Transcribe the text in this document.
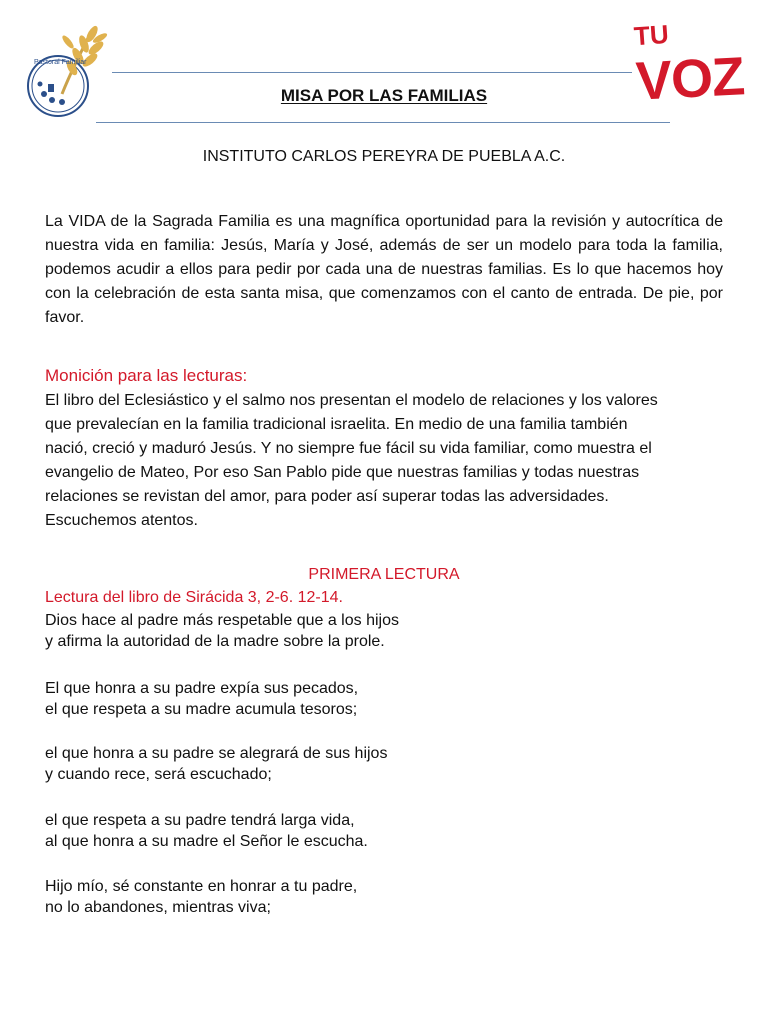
Pastoral Familiar
TU
VOZ
MISA POR LAS FAMILIAS
INSTITUTO CARLOS PEREYRA DE PUEBLA A.C.
La VIDA de la Sagrada Familia es una magnífica oportunidad para la revisión y autocrítica de nuestra vida en familia: Jesús, María y José, además de ser un modelo para toda la familia, podemos acudir a ellos para pedir por cada una de nuestras familias. Es lo que hacemos hoy con la celebración de esta santa misa, que comenzamos con el canto de entrada. De pie, por favor.
Monición para las lecturas:
El libro del Eclesiástico y el salmo nos presentan el modelo de relaciones y los valores
que prevalecían en la familia tradicional israelita. En medio de una familia también
nació, creció y maduró Jesús. Y no siempre fue fácil su vida familiar, como muestra el
evangelio de Mateo, Por eso San Pablo pide que nuestras familias y todas nuestras
relaciones se revistan del amor, para poder así superar todas las adversidades.
Escuchemos atentos.
PRIMERA LECTURA
Lectura del libro de Sirácida 3, 2-6. 12-14.
Dios hace al padre más respetable que a los hijos
y afirma la autoridad de la madre sobre la prole.
El que honra a su padre expía sus pecados,
el que respeta a su madre acumula tesoros;
el que honra a su padre se alegrará de sus hijos
y cuando rece, será escuchado;
el que respeta a su padre tendrá larga vida,
al que honra a su madre el Señor le escucha.
Hijo mío, sé constante en honrar a tu padre,
no lo abandones, mientras viva;
